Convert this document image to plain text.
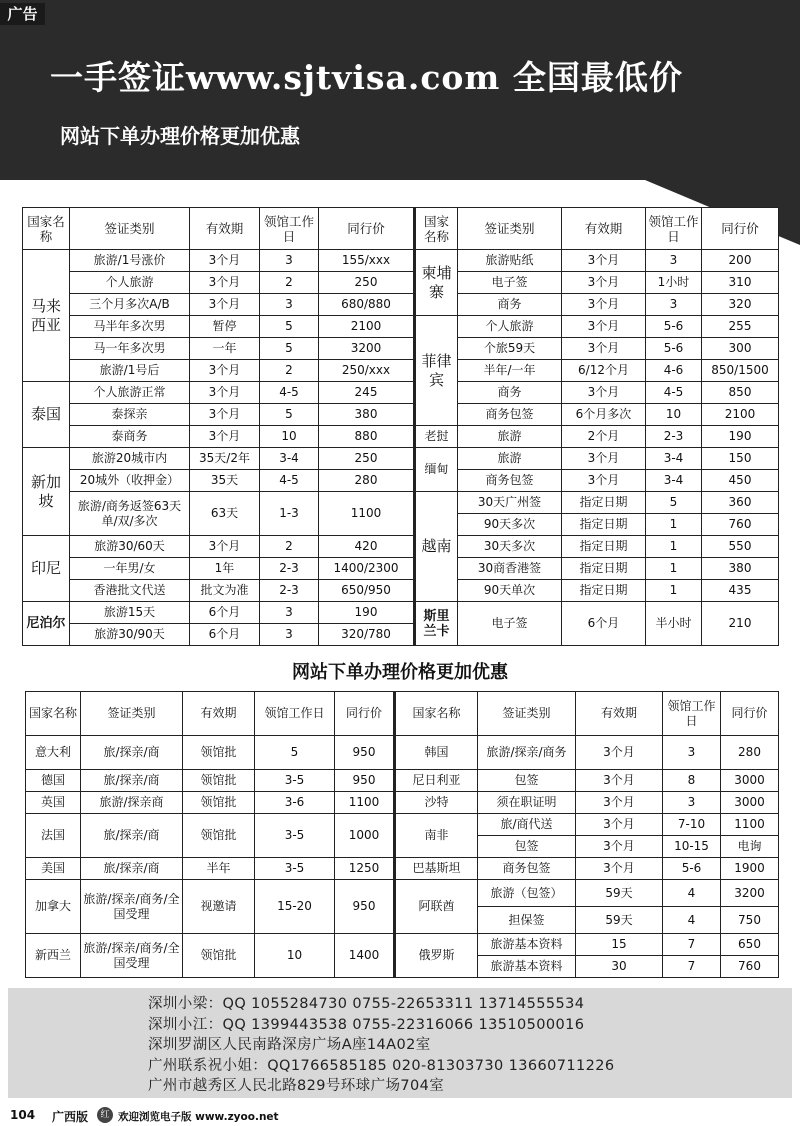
广告
一手签证www.sjtvisa.com 全国最低价
网站下单办理价格更加优惠
国家名称	签证类别	有效期	领馆工作日	同行价	国家名称	签证类别	有效期	领馆工作日	同行价
马来西亚	旅游/1号涨价	3个月	3	155/xxx	柬埔寨	旅游贴纸	3个月	3	200
	个人旅游	3个月	2	250		电子签	3个月	1小时	310
	三个月多次A/B	3个月	3	680/880		商务	3个月	3	320
	马半年多次男	暂停	5	2100	菲律宾	个人旅游	3个月	5-6	255
	马一年多次男	一年	5	3200		个旅59天	3个月	5-6	300
	旅游/1号后	3个月	2	250/xxx		半年/一年	6/12个月	4-6	850/1500
泰国	个人旅游正常	3个月	4-5	245		商务	3个月	4-5	850
	泰探亲	3个月	5	380		商务包签	6个月多次	10	2100
	泰商务	3个月	10	880	老挝	旅游	2个月	2-3	190
新加坡	旅游20城市内	35天/2年	3-4	250	缅甸	旅游	3个月	3-4	150
	20城外（收押金）	35天	4-5	280		商务包签	3个月	3-4	450
	旅游/商务返签63天单/双/多次	63天	1-3	1100	越南	30天广州签	指定日期	5	360
						90天多次	指定日期	1	760
印尼	旅游30/60天	3个月	2	420		30天多次	指定日期	1	550
	一年男/女	1年	2-3	1400/2300		30商香港签	指定日期	1	380
	香港批文代送	批文为准	2-3	650/950		90天单次	指定日期	1	435
尼泊尔	旅游15天	6个月	3	190	斯里兰卡	电子签	6个月	半小时	210
	旅游30/90天	6个月	3	320/780					

网站下单办理价格更加优惠
国家名称	签证类别	有效期	领馆工作日	同行价	国家名称	签证类别	有效期	领馆工作日	同行价
意大利	旅/探亲/商	领馆批	5	950	韩国	旅游/探亲/商务	3个月	3	280
德国	旅/探亲/商	领馆批	3-5	950	尼日利亚	包签	3个月	8	3000
英国	旅游/探亲商	领馆批	3-6	1100	沙特	须在职证明	3个月	3	3000
法国	旅/探亲/商	领馆批	3-5	1000	南非	旅/商代送	3个月	7-10	1100
						包签	3个月	10-15	电询
美国	旅/探亲/商	半年	3-5	1250	巴基斯坦	商务包签	3个月	5-6	1900
加拿大	旅游/探亲/商务/全国受理	视邀请	15-20	950	阿联酋	旅游（包签）	59天	4	3200
						担保签	59天	4	750
新西兰	旅游/探亲/商务/全国受理	领馆批	10	1400	俄罗斯	旅游基本资料	15	7	650
						旅游基本资料	30	7	760
深圳小梁：QQ 1055284730 0755-22653311 13714555534
深圳小江：QQ 1399443538 0755-22316066 13510500016
深圳罗湖区人民南路深房广场A座14A02室
广州联系祝小姐：QQ1766585185 020-81303730 13660711226
广州市越秀区人民北路829号环球广场704室
104 广西版	红 欢迎浏览电子版 www.zyoo.net
